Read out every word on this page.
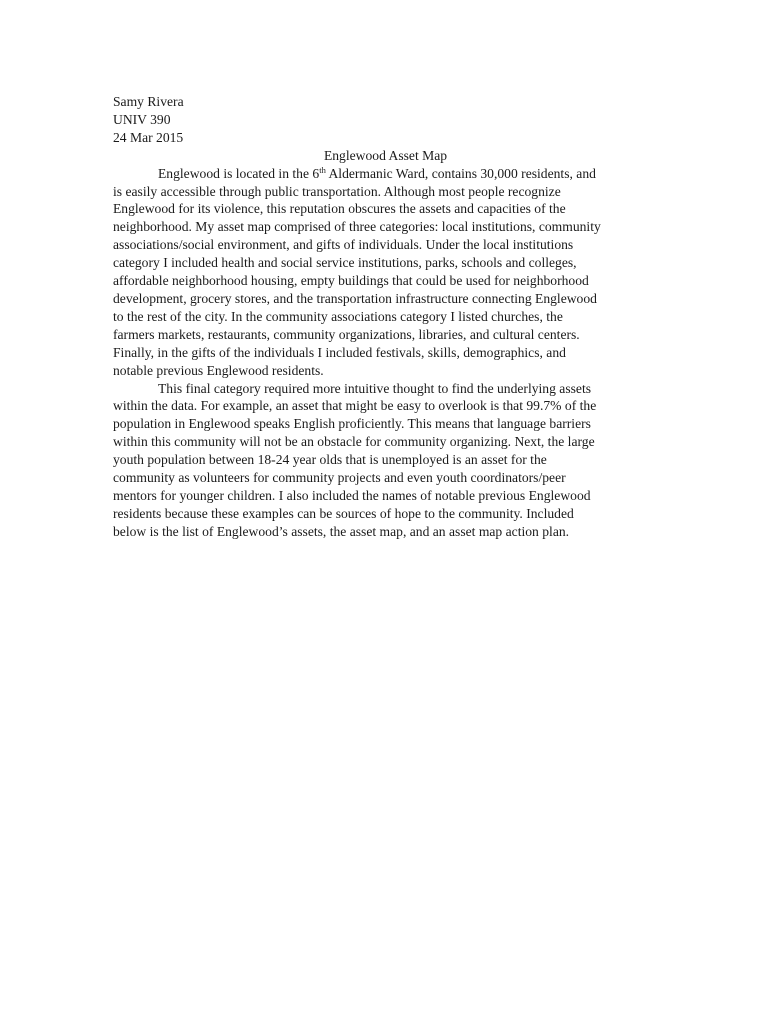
Samy Rivera

UNIV 390

24 Mar 2015

Englewood Asset Map

Englewood is located in the 6th Aldermanic Ward, contains 30,000 residents, and
is easily accessible through public transportation. Although most people recognize
Englewood for its violence, this reputation obscures the assets and capacities of the
neighborhood. My asset map comprised of three categories: local institutions, community
associations/social environment, and gifts of individuals. Under the local institutions
category I included health and social service institutions, parks, schools and colleges,
affordable neighborhood housing, empty buildings that could be used for neighborhood
development, grocery stores, and the transportation infrastructure connecting Englewood
to the rest of the city. In the community associations category I listed churches, the
farmers markets, restaurants, community organizations, libraries, and cultural centers.
Finally, in the gifts of the individuals I included festivals, skills, demographics, and
notable previous Englewood residents.

This final category required more intuitive thought to find the underlying assets
within the data. For example, an asset that might be easy to overlook is that 99.7% of the
population in Englewood speaks English proficiently. This means that language barriers
within this community will not be an obstacle for community organizing. Next, the large
youth population between 18-24 year olds that is unemployed is an asset for the
community as volunteers for community projects and even youth coordinators/peer
mentors for younger children. I also included the names of notable previous Englewood
residents because these examples can be sources of hope to the community. Included
below is the list of Englewood’s assets, the asset map, and an asset map action plan.
